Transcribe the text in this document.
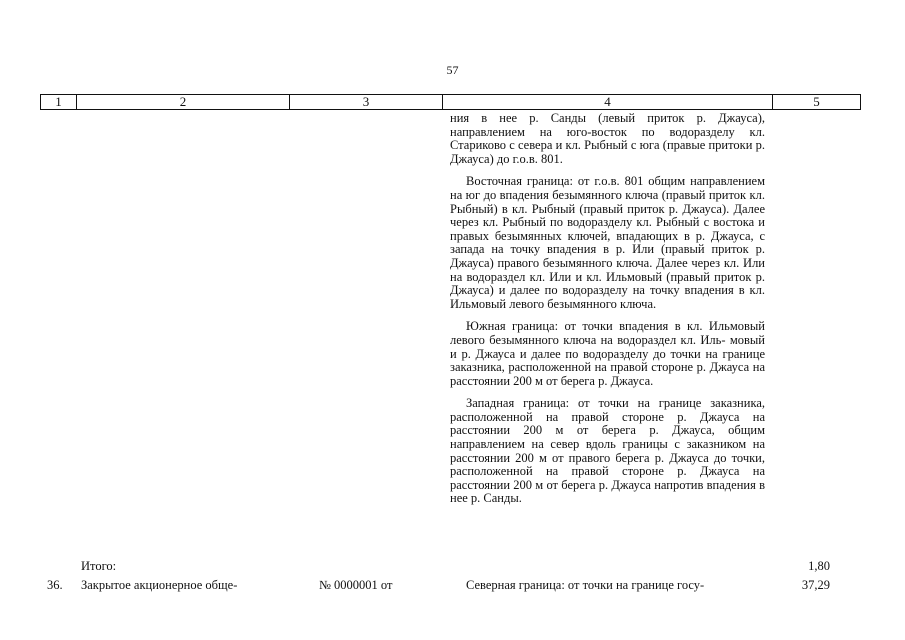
57
1	2	3	4	5

ния в нее р. Санды (левый приток р. Джауса), направлением на юго-восток по водоразделу кл. Стариково с севера и кл. Рыбный с юга (правые притоки р. Джауса) до г.о.в. 801.

Восточная граница: от г.о.в. 801 общим направлением на юг до впадения безымянного ключа (правый приток кл. Рыбный) в кл. Рыбный (правый приток р. Джауса). Далее через кл. Рыбный по водоразделу кл. Рыбный с востока и правых безымянных ключей, впадающих в р. Джауса, с запада на точку впадения в р. Или (правый приток р. Джауса) правого безымянного ключа. Далее через кл. Или на водораздел кл. Или и кл. Ильмовый (правый приток р. Джауса) и далее по водоразделу на точку впадения в кл. Ильмовый левого безымянного ключа.

Южная граница: от точки впадения в кл. Ильмовый левого безымянного ключа на водораздел кл. Иль- мовый и р. Джауса и далее по водоразделу до точки на границе заказника, расположенной на правой стороне р. Джауса на расстоянии 200 м от берега р. Джауса.

Западная граница: от точки на границе заказника, расположенной на правой стороне р. Джауса на расстоянии 200 м от берега р. Джауса, общим направлением на север вдоль границы с заказником на расстоянии 200 м от правого берега р. Джауса до точки, расположенной на правой стороне р. Джауса на расстоянии 200 м от берега р. Джауса напротив впадения в нее р. Санды.

Итого:	1,80
36. Закрытое акционерное обще-	№ 0000001 от	Северная граница: от точки на границе госу-	37,29
